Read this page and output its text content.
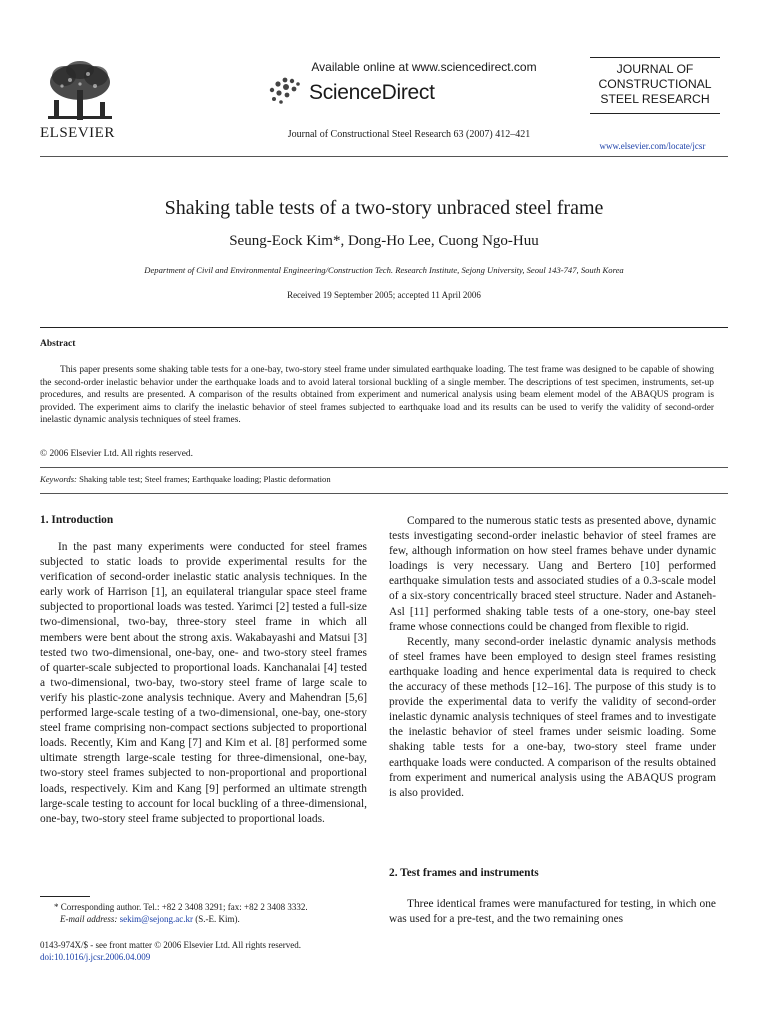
ELSEVIER
Available online at www.sciencedirect.com
ScienceDirect
Journal of Constructional Steel Research 63 (2007) 412–421
JOURNAL OF
CONSTRUCTIONAL
STEEL RESEARCH
www.elsevier.com/locate/jcsr
Shaking table tests of a two-story unbraced steel frame
Seung-Eock Kim*, Dong-Ho Lee, Cuong Ngo-Huu
Department of Civil and Environmental Engineering/Construction Tech. Research Institute, Sejong University, Seoul 143-747, South Korea
Received 19 September 2005; accepted 11 April 2006
Abstract
This paper presents some shaking table tests for a one-bay, two-story steel frame under simulated earthquake loading. The test frame was designed to be capable of showing the second-order inelastic behavior under the earthquake loads and to avoid lateral torsional buckling of a single member. The descriptions of test specimen, instruments, set-up procedures, and results are presented. A comparison of the results obtained from experiment and numerical analysis using beam element model of the ABAQUS program is provided. The experiment aims to clarify the inelastic behavior of steel frames subjected to earthquake load and its results can be used to verify the validity of second-order inelastic dynamic analysis techniques of steel frames.
© 2006 Elsevier Ltd. All rights reserved.
Keywords: Shaking table test; Steel frames; Earthquake loading; Plastic deformation
1. Introduction

In the past many experiments were conducted for steel frames subjected to static loads to provide experimental results for the verification of second-order inelastic static analysis techniques. In the early work of Harrison [1], an equilateral triangular space steel frame subjected to proportional loads was tested. Yarimci [2] tested a full-size two-dimensional, two-bay, three-story steel frame in which all members were bent about the strong axis. Wakabayashi and Matsui [3] tested two two-dimensional, one-bay, one- and two-story steel frames of quarter-scale subjected to proportional loads. Kanchanalai [4] tested a two-dimensional, two-bay, two-story steel frame of large scale to verify his plastic-zone analysis technique. Avery and Mahendran [5,6] performed large-scale testing of a two-dimensional, one-bay, one-story steel frame comprising non-compact sections subjected to proportional loads. Recently, Kim and Kang [7] and Kim et al. [8] performed some ultimate strength large-scale testing for three-dimensional, one-bay, two-story steel frames subjected to non-proportional and proportional loads, respectively. Kim and Kang [9] performed an ultimate strength large-scale testing to account for local buckling of a three-dimensional, one-bay, two-story steel frame subjected to proportional loads.

Compared to the numerous static tests as presented above, dynamic tests investigating second-order inelastic behavior of steel frames are few, although information on how steel frames behave under dynamic loadings is very necessary. Uang and Bertero [10] performed earthquake simulation tests and associated studies of a 0.3-scale model of a six-story concentrically braced steel structure. Nader and Astaneh-Asl [11] performed shaking table tests of a one-story, one-bay steel frame whose connections could be changed from flexible to rigid.

Recently, many second-order inelastic dynamic analysis methods of steel frames have been employed to design steel frames resisting earthquake loading and hence experimental data is required to check the accuracy of these methods [12–16]. The purpose of this study is to provide the experimental data to verify the validity of second-order inelastic dynamic analysis techniques of steel frames and to investigate the inelastic behavior of steel frames under seismic loading. Some shaking table tests for a one-bay, two-story steel frame under earthquake loads were conducted. A comparison of the results obtained from experiment and numerical analysis using the ABAQUS program is also provided.

2. Test frames and instruments

Three identical frames were manufactured for testing, in which one was used for a pre-test, and the two remaining ones

* Corresponding author. Tel.: +82 2 3408 3291; fax: +82 2 3408 3332.
E-mail address: sekim@sejong.ac.kr (S.-E. Kim).
0143-974X/$ - see front matter © 2006 Elsevier Ltd. All rights reserved.
doi:10.1016/j.jcsr.2006.04.009
